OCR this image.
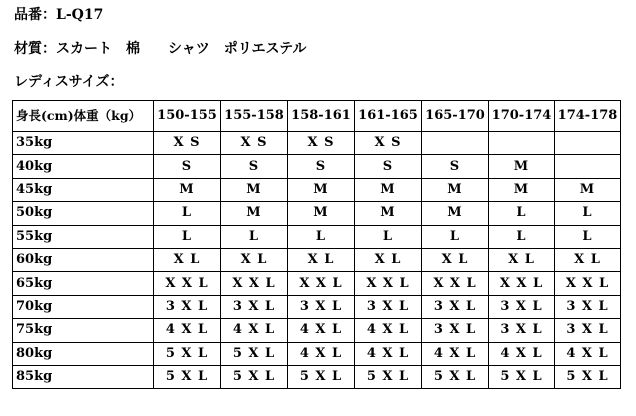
品番：L-Q17
材質：スカート　棉　　シャツ　ポリエステル
レディスサイズ：
身長(cm)体重（kg）	150-155	155-158	158-161	161-165	165-170	170-174	174-178
35kg	X S	X S	X S	X S			
40kg	S	S	S	S	S	M	
45kg	M	M	M	M	M	M	M
50kg	L	M	M	M	M	L	L
55kg	L	L	L	L	L	L	L
60kg	X L	X L	X L	X L	X L	X L	X L
65kg	X X L	X X L	X X L	X X L	X X L	X X L	X X L
70kg	3 X L	3 X L	3 X L	3 X L	3 X L	3 X L	3 X L
75kg	4 X L	4 X L	4 X L	4 X L	3 X L	3 X L	3 X L
80kg	5 X L	5 X L	4 X L	4 X L	4 X L	4 X L	4 X L
85kg	5 X L	5 X L	5 X L	5 X L	5 X L	5 X L	5 X L
